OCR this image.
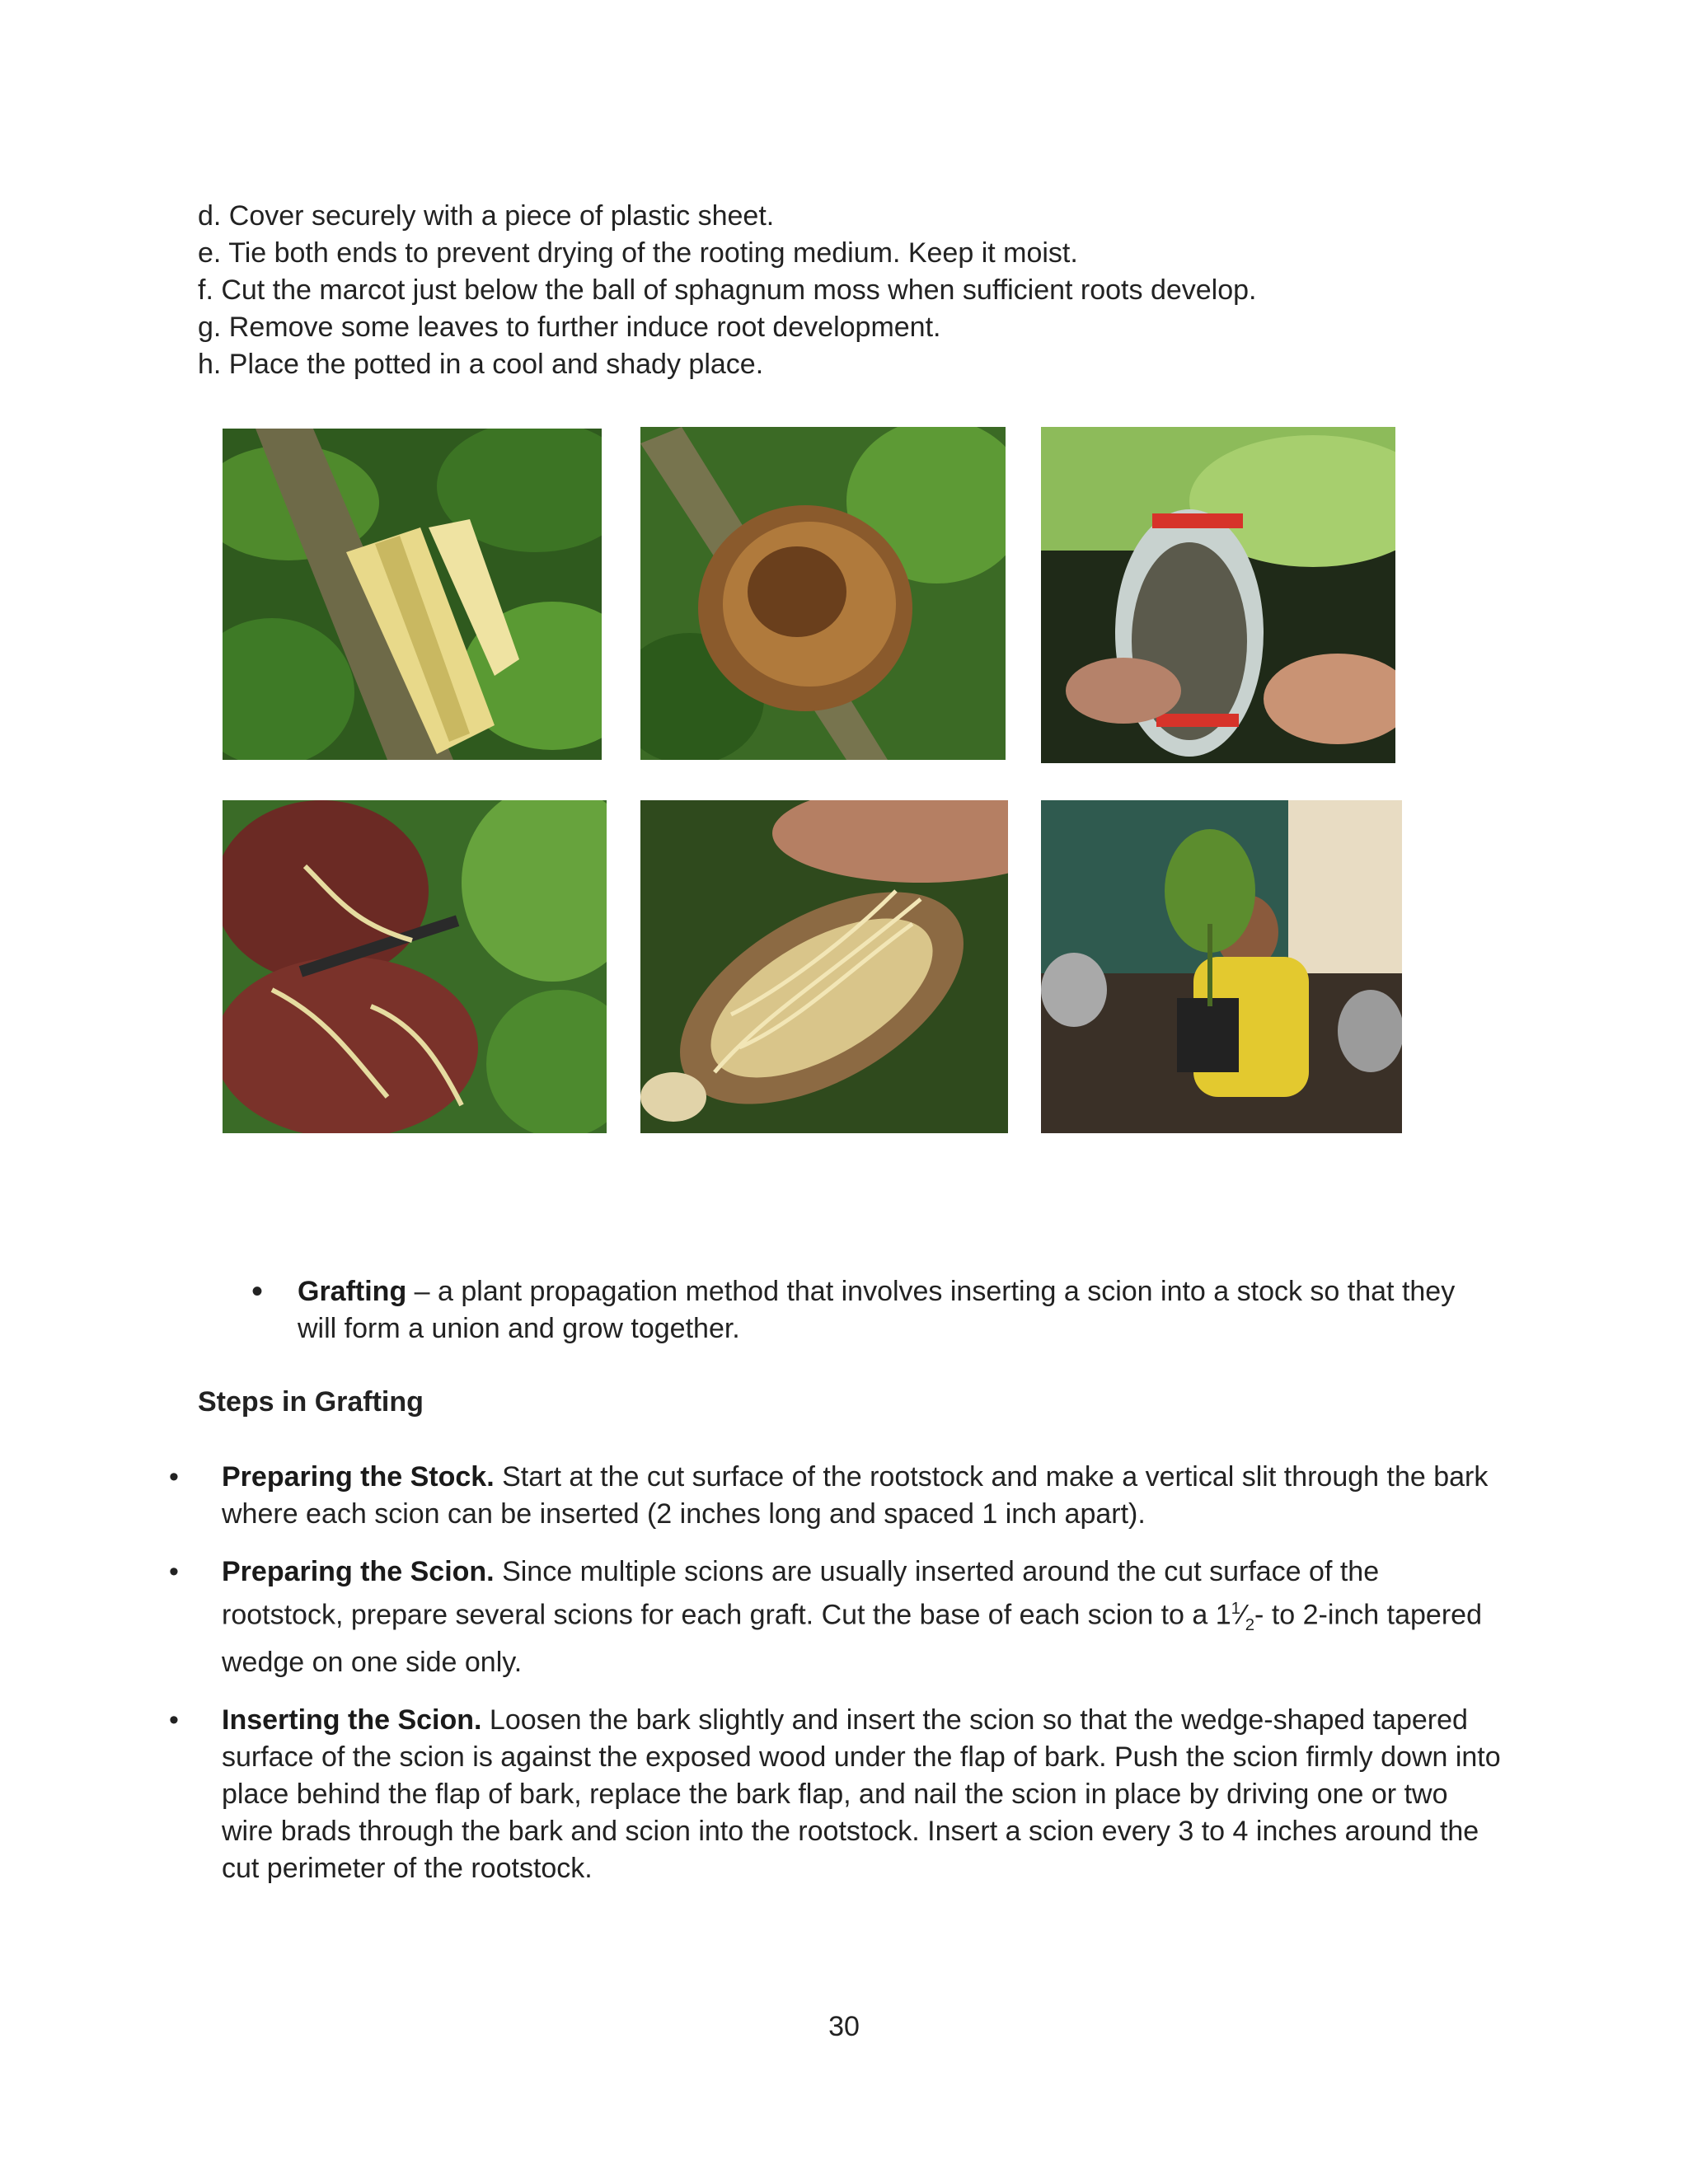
d. Cover securely with a piece of plastic sheet.

e. Tie both ends to prevent drying of the rooting medium. Keep it moist.

f. Cut the marcot just below the ball of sphagnum moss when sufficient roots develop.

g. Remove some leaves to further induce root development.

h. Place the potted in a cool and shady place.

• Grafting – a plant propagation method that involves inserting a scion into a stock so that they will form a union and grow together.

Steps in Grafting

• Preparing the Stock. Start at the cut surface of the rootstock and make a vertical slit through the bark where each scion can be inserted (2 inches long and spaced 1 inch apart).
• Preparing the Scion. Since multiple scions are usually inserted around the cut surface of the rootstock, prepare several scions for each graft. Cut the base of each scion to a $1^1⁄_2-$ to 2-inch tapered wedge on one side only.
• Inserting the Scion. Loosen the bark slightly and insert the scion so that the wedge-shaped tapered surface of the scion is against the exposed wood under the flap of bark. Push the scion firmly down into place behind the flap of bark, replace the bark flap, and nail the scion in place by driving one or two wire brads through the bark and scion into the rootstock. Insert a scion every 3 to 4 inches around the cut perimeter of the rootstock.
30
